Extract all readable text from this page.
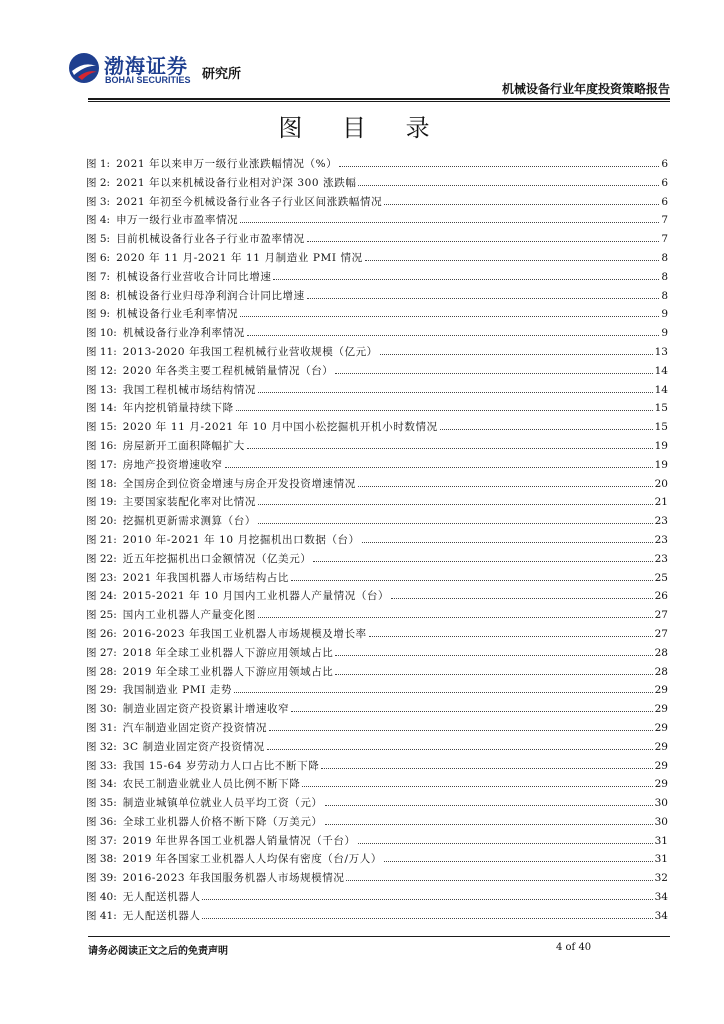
渤海证券
BOHAI SECURITIES 研究所
机械设备行业年度投资策略报告
图 目 录
图 1: 2021 年以来申万一级行业涨跌幅情况（%）	6
图 2: 2021 年以来机械设备行业相对沪深 300 涨跌幅	6
图 3: 2021 年初至今机械设备行业各子行业区间涨跌幅情况	6
图 4: 申万一级行业市盈率情况	7
图 5: 目前机械设备行业各子行业市盈率情况	7
图 6: 2020 年 11 月-2021 年 11 月制造业 PMI 情况	8
图 7: 机械设备行业营收合计同比增速	8
图 8: 机械设备行业归母净利润合计同比增速	8
图 9: 机械设备行业毛利率情况	9
图 10: 机械设备行业净利率情况	9
图 11: 2013-2020 年我国工程机械行业营收规模（亿元）	13
图 12: 2020 年各类主要工程机械销量情况（台）	14
图 13: 我国工程机械市场结构情况	14
图 14: 年内挖机销量持续下降	15
图 15: 2020 年 11 月-2021 年 10 月中国小松挖掘机开机小时数情况	15
图 16: 房屋新开工面积降幅扩大	19
图 17: 房地产投资增速收窄	19
图 18: 全国房企到位资金增速与房企开发投资增速情况	20
图 19: 主要国家装配化率对比情况	21
图 20: 挖掘机更新需求测算（台）	23
图 21: 2010 年-2021 年 10 月挖掘机出口数据（台）	23
图 22: 近五年挖掘机出口金额情况（亿美元）	23
图 23: 2021 年我国机器人市场结构占比	25
图 24: 2015-2021 年 10 月国内工业机器人产量情况（台）	26
图 25: 国内工业机器人产量变化图	27
图 26: 2016-2023 年我国工业机器人市场规模及增长率	27
图 27: 2018 年全球工业机器人下游应用领域占比	28
图 28: 2019 年全球工业机器人下游应用领域占比	28
图 29: 我国制造业 PMI 走势	29
图 30: 制造业固定资产投资累计增速收窄	29
图 31: 汽车制造业固定资产投资情况	29
图 32: 3C 制造业固定资产投资情况	29
图 33: 我国 15-64 岁劳动力人口占比不断下降	29
图 34: 农民工制造业就业人员比例不断下降	29
图 35: 制造业城镇单位就业人员平均工资（元）	30
图 36: 全球工业机器人价格不断下降（万美元）	30
图 37: 2019 年世界各国工业机器人销量情况（千台）	31
图 38: 2019 年各国家工业机器人人均保有密度（台/万人）	31
图 39: 2016-2023 年我国服务机器人市场规模情况	32
图 40: 无人配送机器人	34
图 41: 无人配送机器人	34
请务必阅读正文之后的免责声明	4 of 40
